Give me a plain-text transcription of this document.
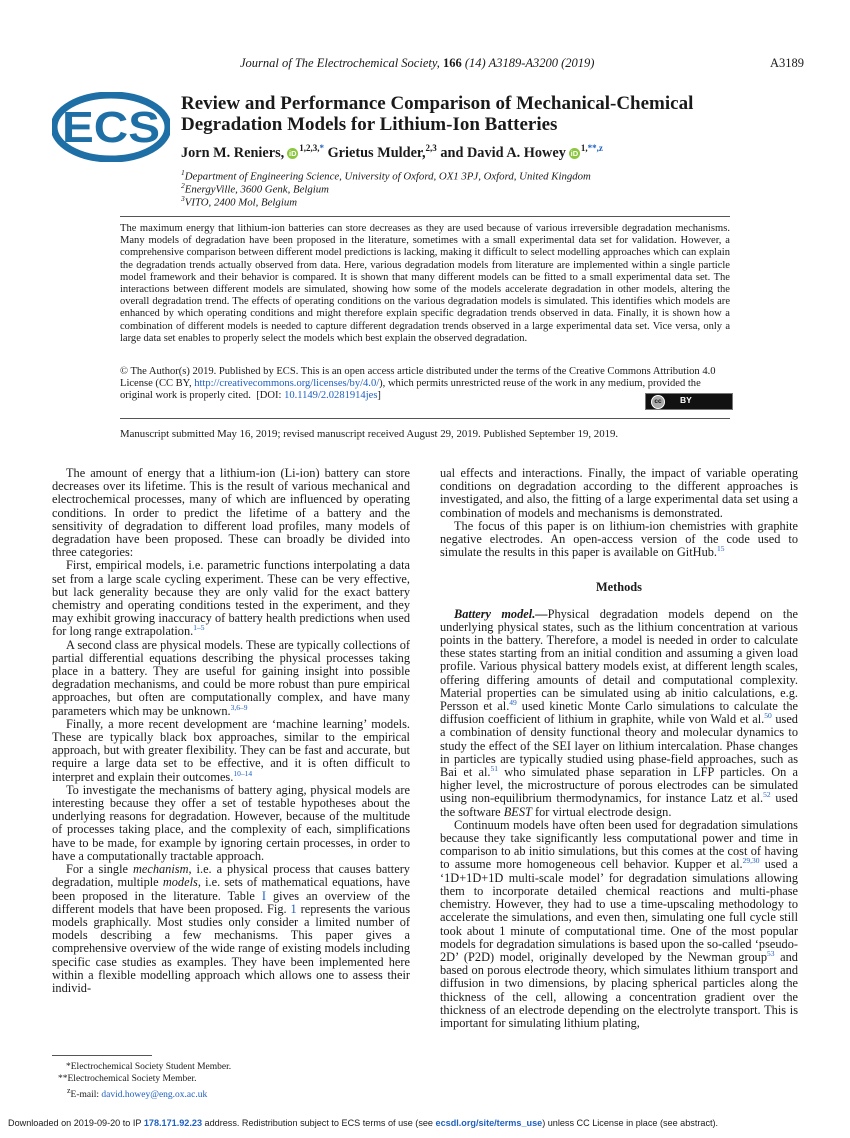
Journal of The Electrochemical Society, 166 (14) A3189-A3200 (2019)	A3189
ECS Review and Performance Comparison of Mechanical-Chemical Degradation Models for Lithium-Ion Batteries
Jorn M. Reniers, $iD^{1,2,3,*}$ Grietus Mulder,$^{2,3}$ and David A. Howey $iD^{1,**,z}$
$^1$Department of Engineering Science, University of Oxford, OX1 3PJ, Oxford, United Kingdom
$^2$EnergyVille, 3600 Genk, Belgium
$^3$VITO, 2400 Mol, Belgium

The maximum energy that lithium-ion batteries can store decreases as they are used because of various irreversible degradation mechanisms. Many models of degradation have been proposed in the literature, sometimes with a small experimental data set for validation. However, a comprehensive comparison between different model predictions is lacking, making it difficult to select modelling approaches which can explain the degradation trends actually observed from data. Here, various degradation models from literature are implemented within a single particle model framework and their behavior is compared. It is shown that many different models can be fitted to a small experimental data set. The interactions between different models are simulated, showing how some of the models accelerate degradation in other models, altering the overall degradation trend. The effects of operating conditions on the various degradation models is simulated. This identifies which models are enhanced by which operating conditions and might therefore explain specific degradation trends observed in data. Finally, it is shown how a combination of different models is needed to capture different degradation trends observed in a large experimental data set. Vice versa, only a large data set enables to properly select the models which best explain the observed degradation.

© The Author(s) 2019. Published by ECS. This is an open access article distributed under the terms of the Creative Commons Attribution 4.0 License (CC BY, http://creativecommons.org/licenses/by/4.0/), which permits unrestricted reuse of the work in any medium, provided the original work is properly cited. [DOI: 10.1149/2.0281914jes]

cc	BY
Manuscript submitted May 16, 2019; revised manuscript received August 29, 2019. Published September 19, 2019.

The amount of energy that a lithium-ion (Li-ion) battery can store decreases over its lifetime. This is the result of various mechanical and electrochemical processes, many of which are influenced by operating conditions. In order to predict the lifetime of a battery and the sensitivity of degradation to different load profiles, many models of degradation have been proposed. These can broadly be divided into three categories:

First, empirical models, i.e. parametric functions interpolating a data set from a large scale cycling experiment. These can be very effective, but lack generality because they are only valid for the exact battery chemistry and operating conditions tested in the experiment, and they may exhibit growing inaccuracy of battery health predictions when used for long range extrapolation.$^{1-5}$

A second class are physical models. These are typically collections of partial differential equations describing the physical processes taking place in a battery. They are useful for gaining insight into possible degradation mechanisms, and could be more robust than pure empirical approaches, but often are computationally complex, and have many parameters which may be unknown.$^{3,6-9}$

Finally, a more recent development are ‘machine learning’ models. These are typically black box approaches, similar to the empirical approach, but with greater flexibility. They can be fast and accurate, but require a large data set to be effective, and it is often difficult to interpret and explain their outcomes.$^{10-14}$

To investigate the mechanisms of battery aging, physical models are interesting because they offer a set of testable hypotheses about the underlying reasons for degradation. However, because of the multitude of processes taking place, and the complexity of each, simplifications have to be made, for example by ignoring certain processes, in order to have a computationally tractable approach.

For a single mechanism, i.e. a physical process that causes battery degradation, multiple models, i.e. sets of mathematical equations, have been proposed in the literature. Table I gives an overview of the different models that have been proposed. Fig. 1 represents the various models graphically. Most studies only consider a limited number of models describing a few mechanisms. This paper gives a comprehensive overview of the wide range of existing models including specific case studies as examples. They have been implemented here within a flexible modelling approach which allows one to assess their individ-

ual effects and interactions. Finally, the impact of variable operating conditions on degradation according to the different approaches is investigated, and also, the fitting of a large experimental data set using a combination of models and mechanisms is demonstrated.

The focus of this paper is on lithium-ion chemistries with graphite negative electrodes. An open-access version of the code used to simulate the results in this paper is available on GitHub.$^{15}$

Methods

Battery model.—Physical degradation models depend on the underlying physical states, such as the lithium concentration at various points in the battery. Therefore, a model is needed in order to calculate these states starting from an initial condition and assuming a given load profile. Various physical battery models exist, at different length scales, offering differing amounts of detail and computational complexity. Material properties can be simulated using ab initio calculations, e.g. Persson et al.$^{49}$ used kinetic Monte Carlo simulations to calculate the diffusion coefficient of lithium in graphite, while von Wald et al.$^{50}$ used a combination of density functional theory and molecular dynamics to study the effect of the SEI layer on lithium intercalation. Phase changes in particles are typically studied using phase-field approaches, such as Bai et al.$^{51}$ who simulated phase separation in LFP particles. On a higher level, the microstructure of porous electrodes can be simulated using non-equilibrium thermodynamics, for instance Latz et al.$^{52}$ used the software BEST for virtual electrode design.

Continuum models have often been used for degradation simulations because they take significantly less computational power and time in comparison to ab initio simulations, but this comes at the cost of having to assume more homogeneous cell behavior. Kupper et al.$^{29,30}$ used a ‘1D+1D+1D multi-scale model’ for degradation simulations allowing them to incorporate detailed chemical reactions and multi-phase chemistry. However, they had to use a time-upscaling methodology to accelerate the simulations, and even then, simulating one full cycle still took about 1 minute of computational time. One of the most popular models for degradation simulations is based upon the so-called ‘pseudo-2D’ (P2D) model, originally developed by the Newman group$^{53}$ and based on porous electrode theory, which simulates lithium transport and diffusion in two dimensions, by placing spherical particles along the thickness of the cell, allowing a concentration gradient over the thickness of an electrode depending on the electrolyte transport. This is important for simulating lithium plating,

*Electrochemical Society Student Member.
**Electrochemical Society Member.
$^z$E-mail: david.howey@eng.ox.ac.uk
Downloaded on 2019-09-20 to IP 178.171.92.23 address. Redistribution subject to ECS terms of use (see ecsdl.org/site/terms_use) unless CC License in place (see abstract).
